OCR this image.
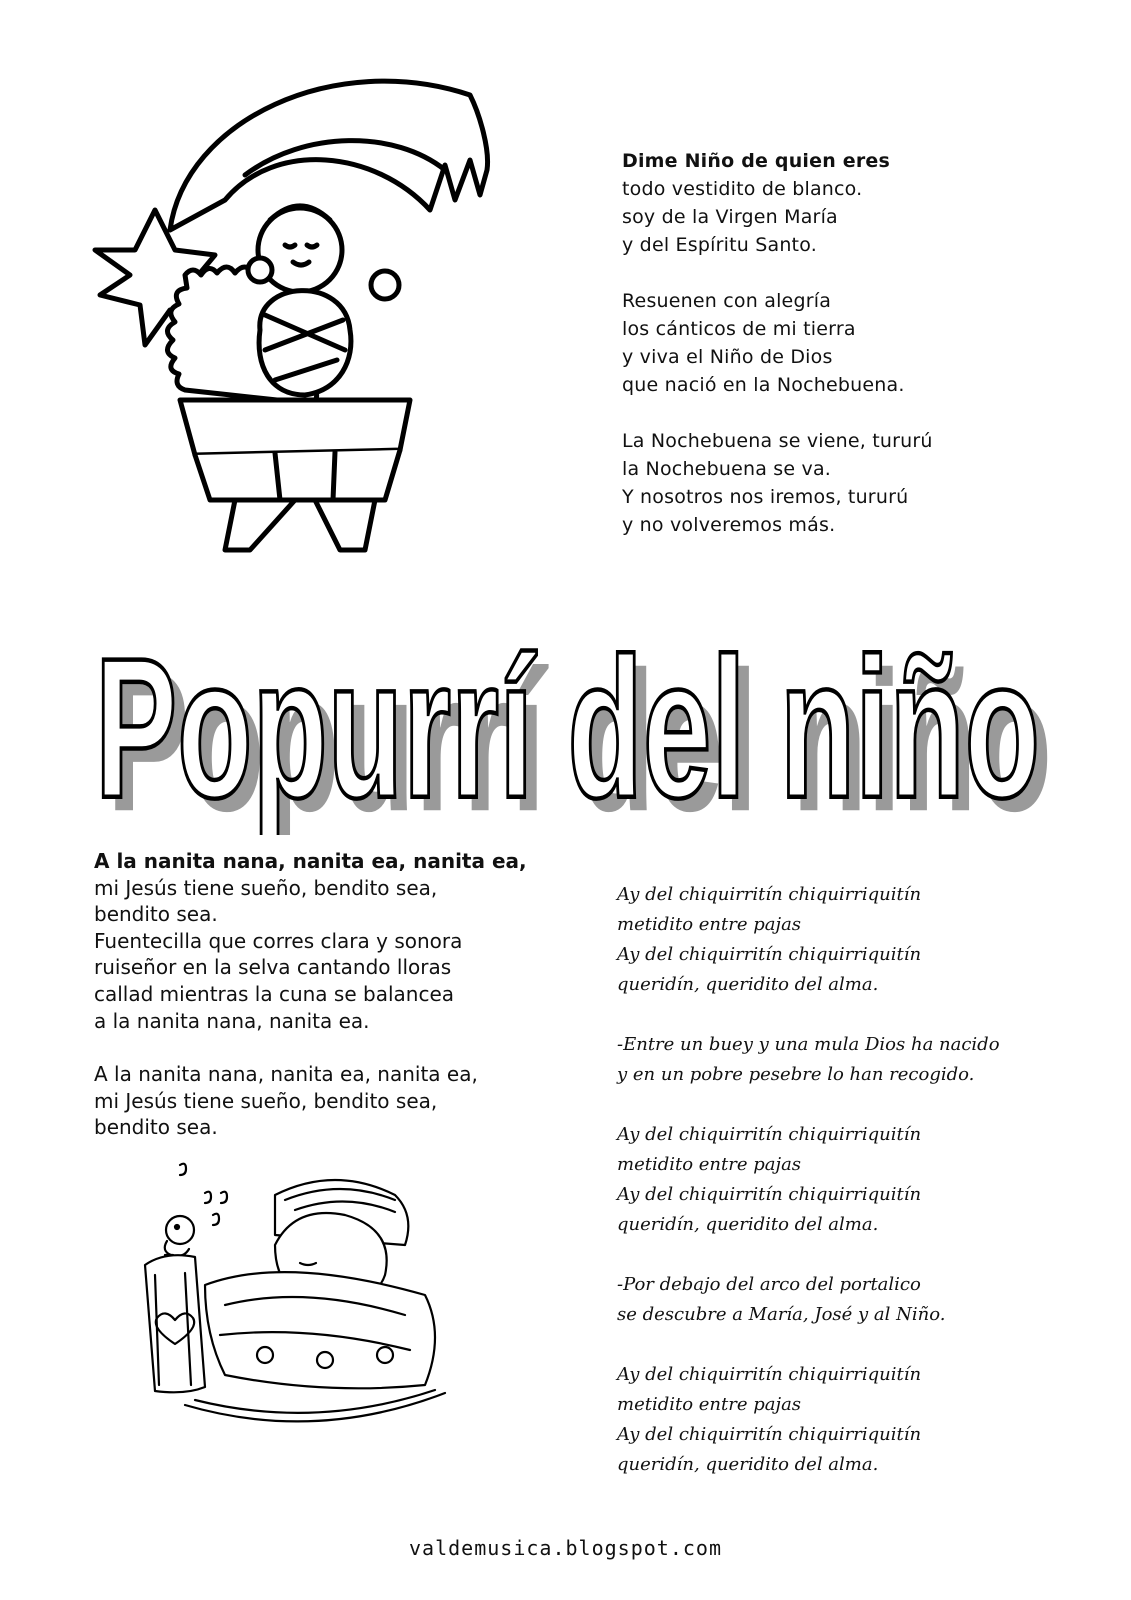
Dime Niño de quien eres
todo vestidito de blanco.
soy de la Virgen María
y del Espíritu Santo.
Resuenen con alegría
los cánticos de mi tierra
y viva el Niño de Dios
que nació en la Nochebuena.
La Nochebuena se viene, tururú
la Nochebuena se va.
Y nosotros nos iremos, tururú
y no volveremos más.
Popurrí del niño
Popurrí del niño
A la nanita nana, nanita ea, nanita ea,
mi Jesús tiene sueño, bendito sea,
bendito sea.
Fuentecilla que corres clara y sonora
ruiseñor en la selva cantando lloras
callad mientras la cuna se balancea
a la nanita nana, nanita ea.
A la nanita nana, nanita ea, nanita ea,
mi Jesús tiene sueño, bendito sea,
bendito sea.
Ay del chiquirritín chiquirriquitín
metidito entre pajas
Ay del chiquirritín chiquirriquitín
queridín, queridito del alma.
-Entre un buey y una mula Dios ha nacido
y en un pobre pesebre lo han recogido.
Ay del chiquirritín chiquirriquitín
metidito entre pajas
Ay del chiquirritín chiquirriquitín
queridín, queridito del alma.
-Por debajo del arco del portalico
se descubre a María, José y al Niño.
Ay del chiquirritín chiquirriquitín
metidito entre pajas
Ay del chiquirritín chiquirriquitín
queridín, queridito del alma.
valdemusica.blogspot.com
